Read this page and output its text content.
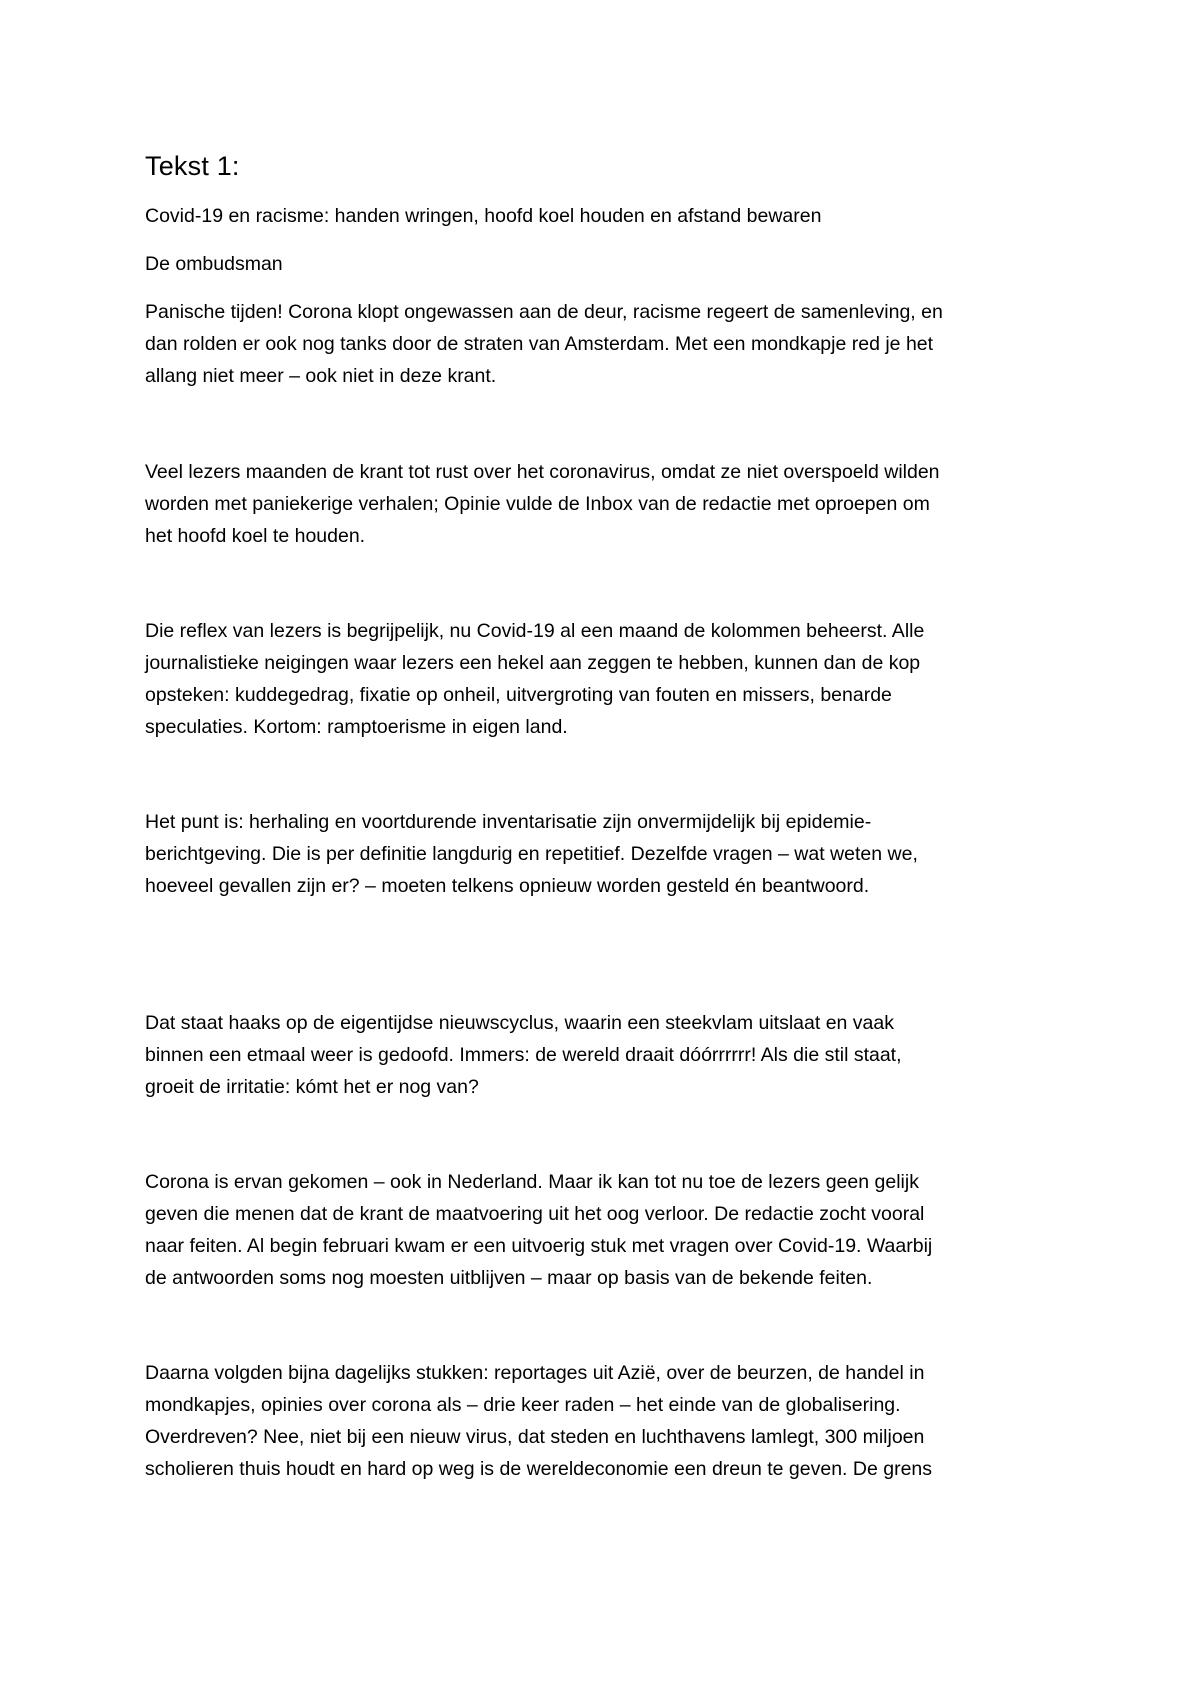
Tekst 1:
Covid-19 en racisme: handen wringen, hoofd koel houden en afstand bewaren
De ombudsman
Panische tijden! Corona klopt ongewassen aan de deur, racisme regeert de samenleving, en
dan rolden er ook nog tanks door de straten van Amsterdam. Met een mondkapje red je het
allang niet meer – ook niet in deze krant.
Veel lezers maanden de krant tot rust over het coronavirus, omdat ze niet overspoeld wilden
worden met paniekerige verhalen; Opinie vulde de Inbox van de redactie met oproepen om
het hoofd koel te houden.
Die reflex van lezers is begrijpelijk, nu Covid-19 al een maand de kolommen beheerst. Alle
journalistieke neigingen waar lezers een hekel aan zeggen te hebben, kunnen dan de kop
opsteken: kuddegedrag, fixatie op onheil, uitvergroting van fouten en missers, benarde
speculaties. Kortom: ramptoerisme in eigen land.
Het punt is: herhaling en voortdurende inventarisatie zijn onvermijdelijk bij epidemie-
berichtgeving. Die is per definitie langdurig en repetitief. Dezelfde vragen – wat weten we,
hoeveel gevallen zijn er? – moeten telkens opnieuw worden gesteld én beantwoord.
Dat staat haaks op de eigentijdse nieuwscyclus, waarin een steekvlam uitslaat en vaak
binnen een etmaal weer is gedoofd. Immers: de wereld draait dóórrrrrr! Als die stil staat,
groeit de irritatie: kómt het er nog van?
Corona is ervan gekomen – ook in Nederland. Maar ik kan tot nu toe de lezers geen gelijk
geven die menen dat de krant de maatvoering uit het oog verloor. De redactie zocht vooral
naar feiten. Al begin februari kwam er een uitvoerig stuk met vragen over Covid-19. Waarbij
de antwoorden soms nog moesten uitblijven – maar op basis van de bekende feiten.
Daarna volgden bijna dagelijks stukken: reportages uit Azië, over de beurzen, de handel in
mondkapjes, opinies over corona als – drie keer raden – het einde van de globalisering.
Overdreven? Nee, niet bij een nieuw virus, dat steden en luchthavens lamlegt, 300 miljoen
scholieren thuis houdt en hard op weg is de wereldeconomie een dreun te geven. De grens
